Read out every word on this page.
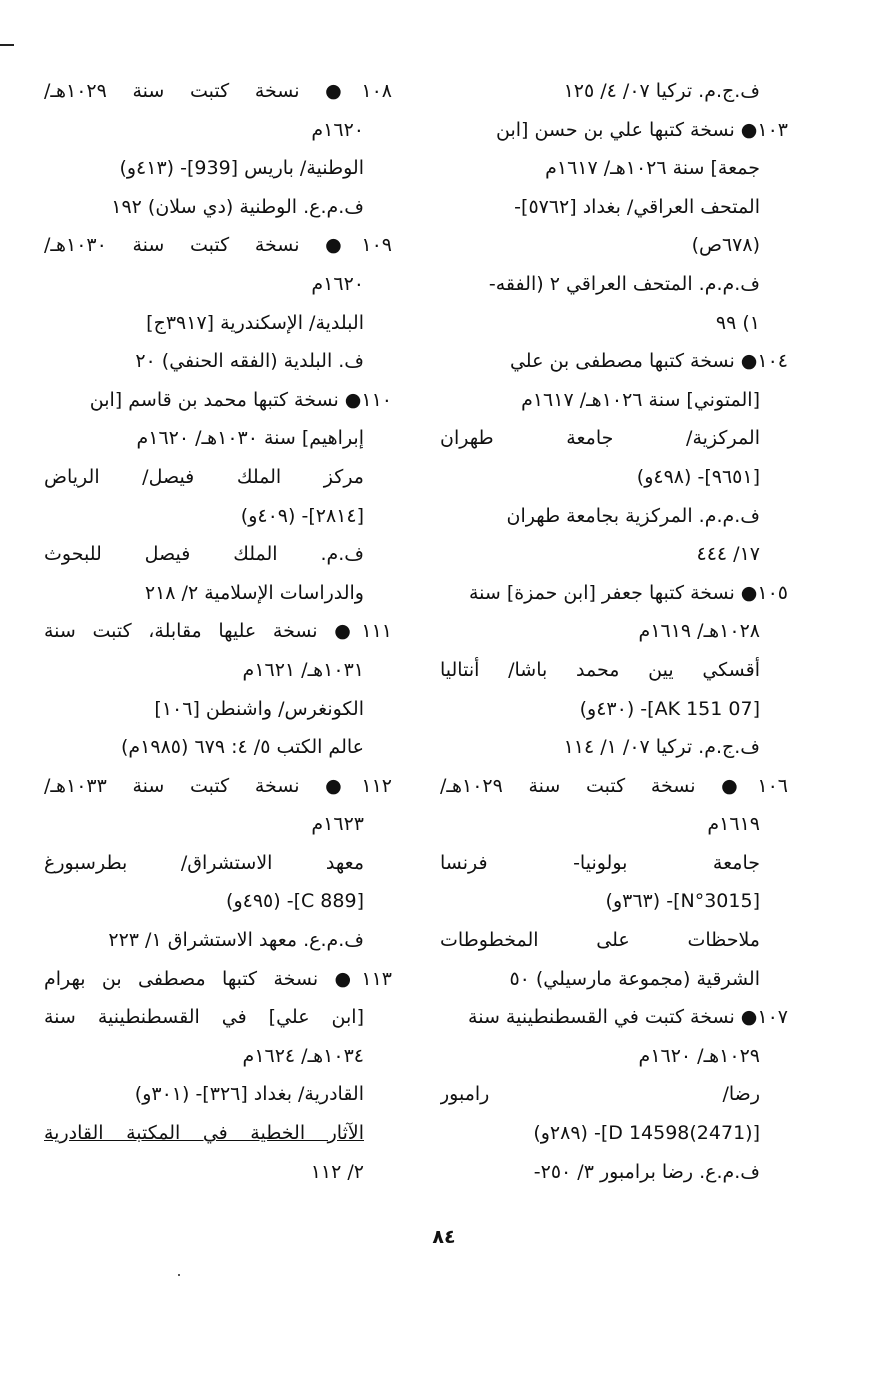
ف.ج.م. تركيا ٠٧/ ٤/ ١٢٥
١٠٣● نسخة كتبها علي بن حسن [ابن
جمعة] سنة ١٠٢٦هـ/ ١٦١٧م
المتحف العراقي/ بغداد [٥٧٦٢]-
(٦٧٨ص)
ف.م.م. المتحف العراقي ٢ (الفقه-
١) ٩٩
١٠٤● نسخة كتبها مصطفى بن علي
[المتوني] سنة ١٠٢٦هـ/ ١٦١٧م
المركزية/ جامعة طهران
[٩٦٥١]- (٤٩٨و)
ف.م.م. المركزية بجامعة طهران
١٧/ ٤٤٤
١٠٥● نسخة كتبها جعفر [ابن حمزة] سنة
١٠٢٨هـ/ ١٦١٩م
أقسكي يين محمد باشا/ أنتاليا
[07 AK 151]- (٤٣٠و)
ف.ج.م. تركيا ٠٧/ ١/ ١١٤
١٠٦● نسخة كتبت سنة ١٠٢٩هـ/
١٦١٩م
جامعة بولونيا- فرنسا
[N°3015]- (٣٦٣و)
ملاحظات على المخطوطات
الشرقية (مجموعة مارسيلي) ٥٠
١٠٧● نسخة كتبت في القسطنطينية سنة
١٠٢٩هـ/ ١٦٢٠م
رضا/ رامبور
[D 14598(2471)]- (٢٨٩و)
ف.م.ع. رضا برامبور ٣/ ٢٥٠-
١٠٨● نسخة كتبت سنة ١٠٢٩هـ/
١٦٢٠م
الوطنية/ باريس [939]- (٤١٣و)
ف.م.ع. الوطنية (دي سلان) ١٩٢
١٠٩● نسخة كتبت سنة ١٠٣٠هـ/
١٦٢٠م
البلدية/ الإسكندرية [٣٩١٧ج]
ف. البلدية (الفقه الحنفي) ٢٠
١١٠● نسخة كتبها محمد بن قاسم [ابن
إبراهيم] سنة ١٠٣٠هـ/ ١٦٢٠م
مركز الملك فيصل/ الرياض
[٢٨١٤]- (٤٠٩و)
ف.م. الملك فيصل للبحوث
والدراسات الإسلامية ٢/ ٢١٨
١١١● نسخة عليها مقابلة، كتبت سنة
١٠٣١هـ/ ١٦٢١م
الكونغرس/ واشنطن [١٠٦]
عالم الكتب ٥/ ٤: ٦٧٩ (١٩٨٥م)
١١٢● نسخة كتبت سنة ١٠٣٣هـ/
١٦٢٣م
معهد الاستشراق/ بطرسبورغ
[C 889]- (٤٩٥و)
ف.م.ع. معهد الاستشراق ١/ ٢٢٣
١١٣● نسخة كتبها مصطفى بن بهرام
[ابن علي] في القسطنطينية سنة
١٠٣٤هـ/ ١٦٢٤م
القادرية/ بغداد [٣٢٦]- (٣٠١و)
الآثار الخطية في المكتبة القادرية
٢/ ١١٢
٨٤
